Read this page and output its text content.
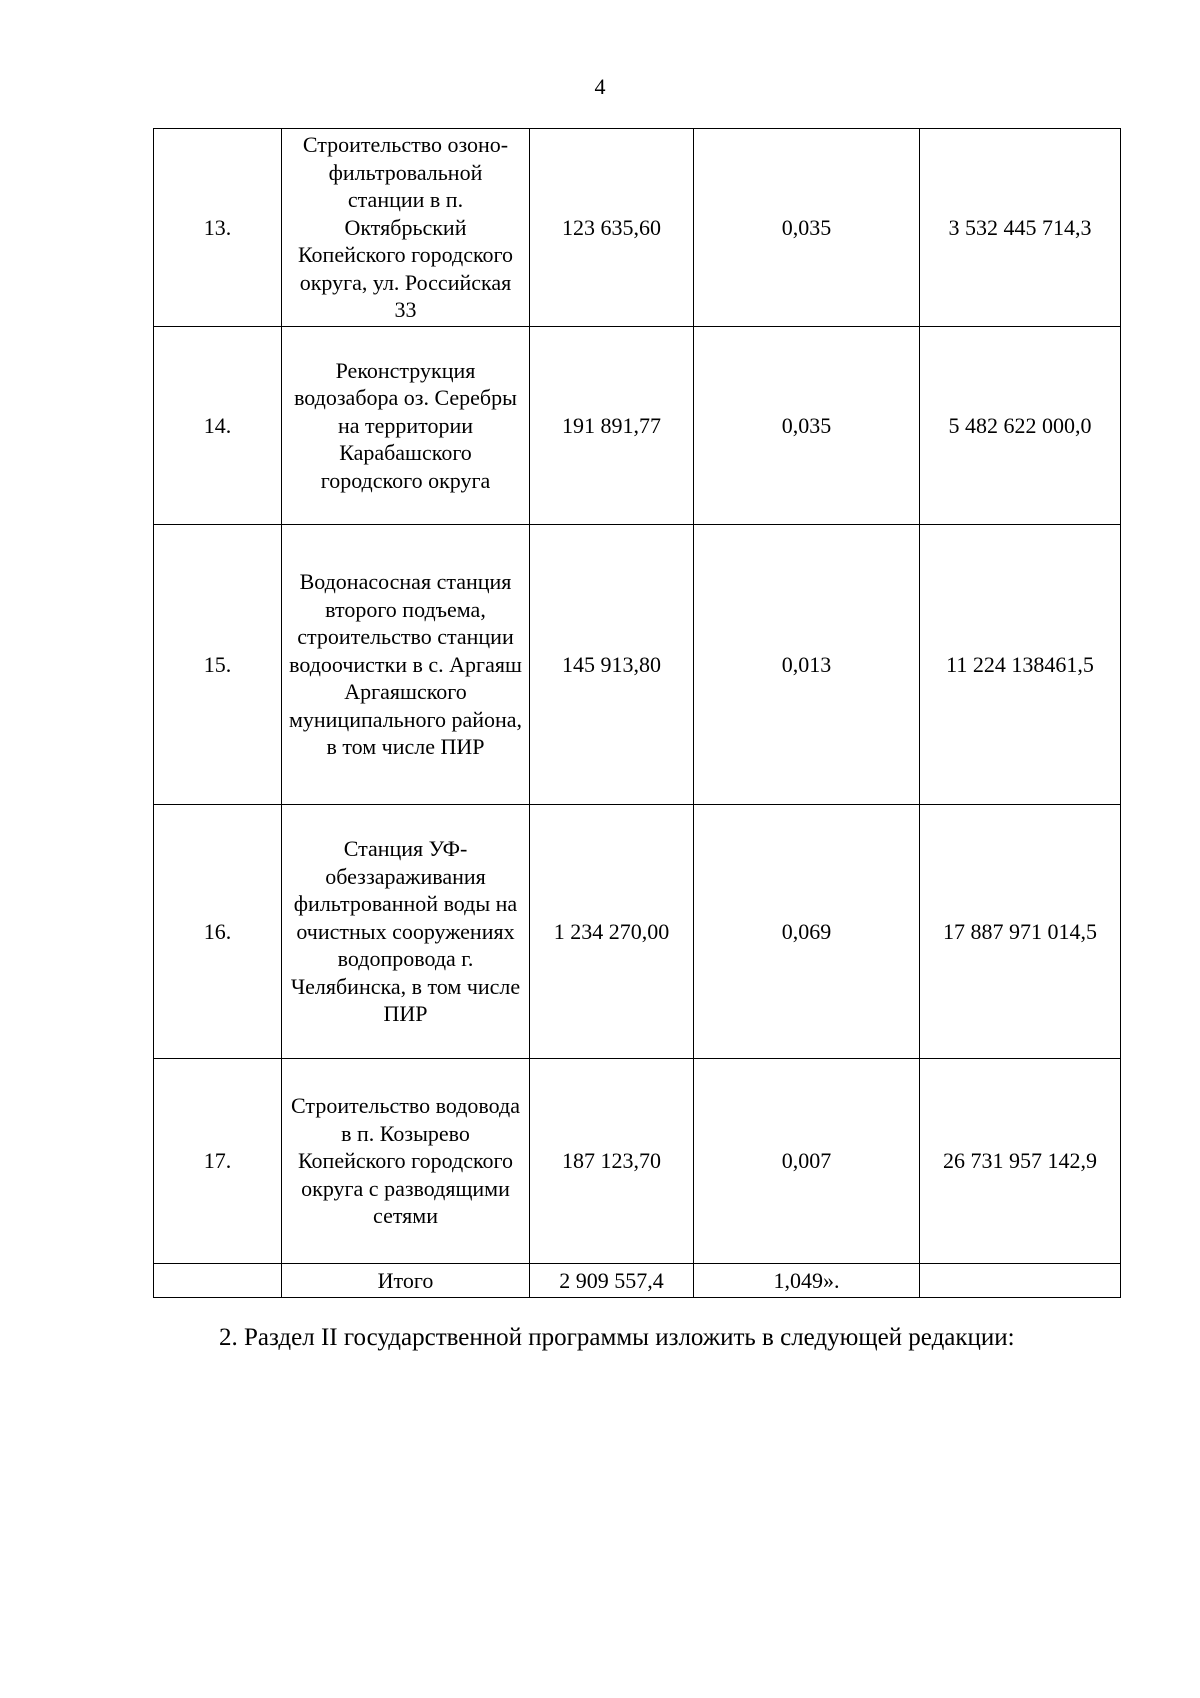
4
13.	Строительство озоно-фильтровальной станции в п. Октябрьский Копейского городского округа, ул. Российская 33	123 635,60	0,035	3 532 445 714,3
14.	Реконструкция водозабора оз. Серебры на территории Карабашского городского округа	191 891,77	0,035	5 482 622 000,0
15.	Водонасосная станция второго подъема, строительство станции водоочистки в с. Аргаяш Аргаяшского муниципального района, в том числе ПИР	145 913,80	0,013	11 224 138461,5
16.	Станция УФ-обеззараживания фильтрованной воды на очистных сооружениях водопровода г. Челябинска, в том числе ПИР	1 234 270,00	0,069	17 887 971 014,5
17.	Строительство водовода в п. Козырево Копейского городского округа с разводящими сетями	187 123,70	0,007	26 731 957 142,9
	Итого	2 909 557,4	1,049».	

2. Раздел II государственной программы изложить в следующей редакции:
